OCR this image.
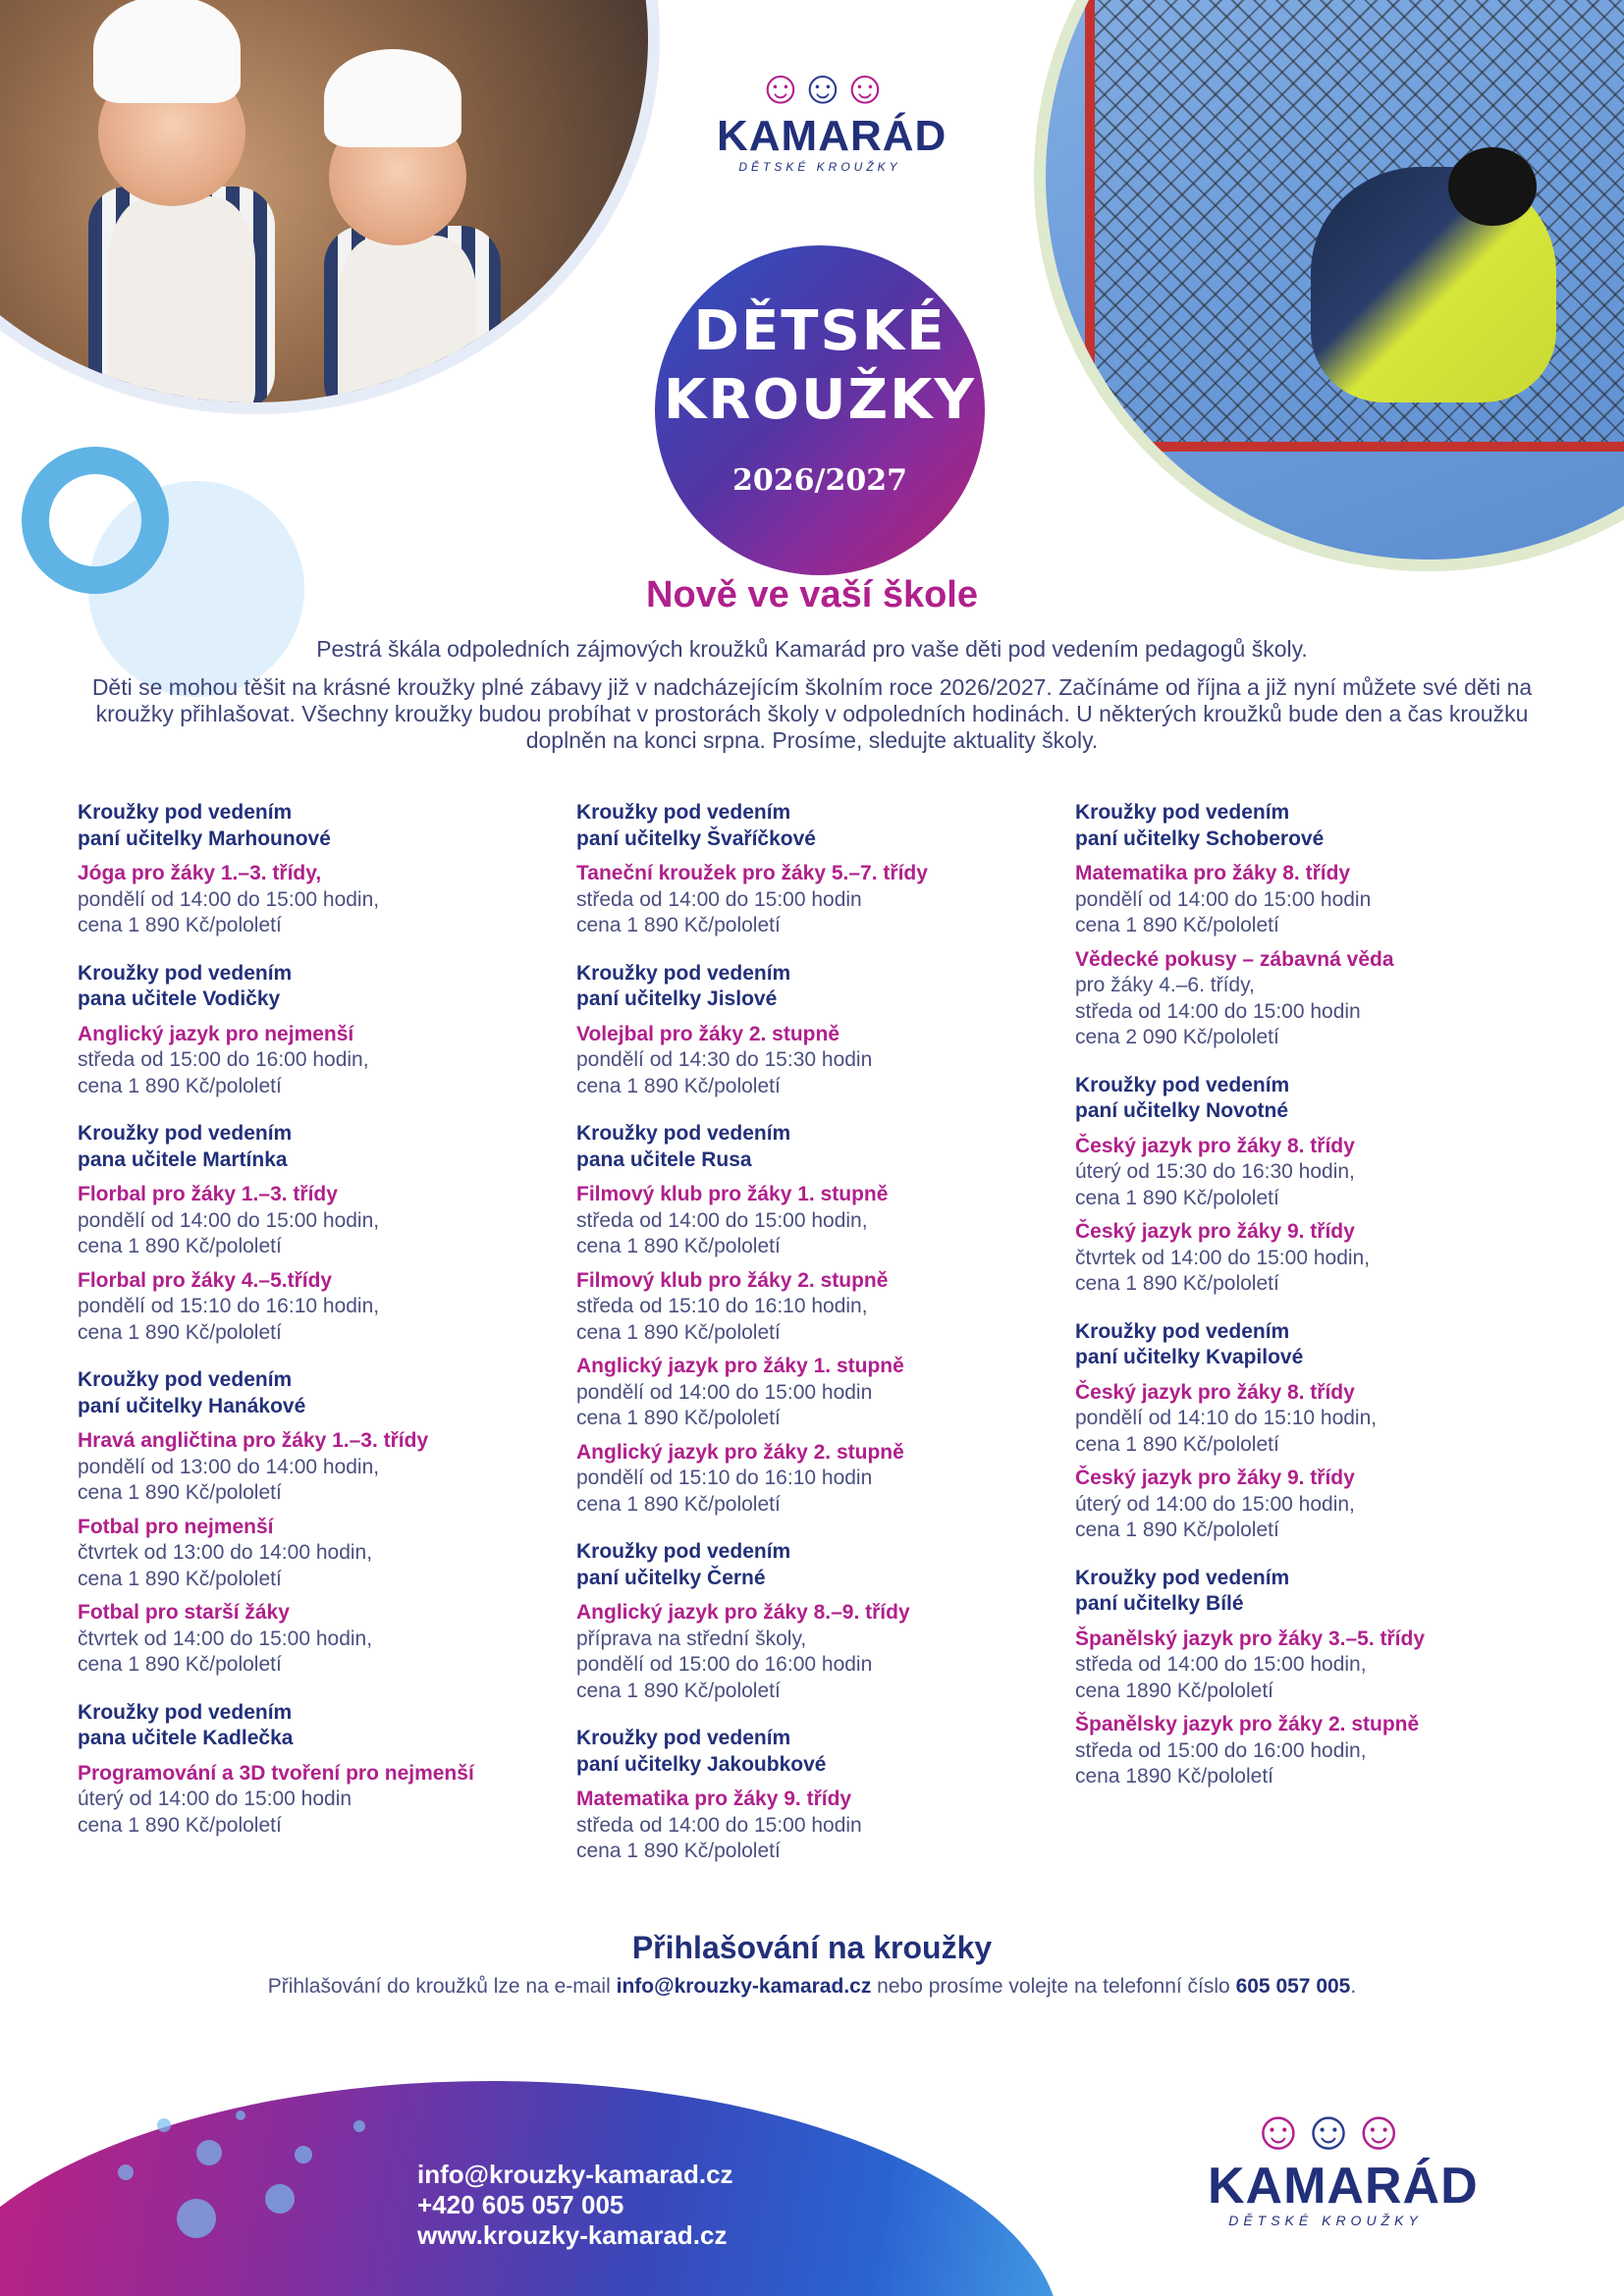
☺☺☺
KAMARÁD
DĚTSKÉ KROUŽKY
DĚTSKÉ
KROUŽKY
2026/2027
Nově ve vaší škole

Pestrá škála odpoledních zájmových kroužků Kamarád pro vaše děti pod vedením pedagogů školy.

Děti se mohou těšit na krásné kroužky plné zábavy již v nadcházejícím školním roce 2026/2027. Začínáme od října a již nyní můžete své děti na kroužky přihlašovat. Všechny kroužky budou probíhat v prostorách školy v odpoledních hodinách. U některých kroužků bude den a čas kroužku doplněn na konci srpna. Prosíme, sledujte aktuality školy.

Kroužky pod vedením
paní učitelky Marhounové
Jóga pro žáky 1.–3. třídy,
pondělí od 14:00 do 15:00 hodin,
cena 1 890 Kč/pololetí
Kroužky pod vedením
pana učitele Vodičky
Anglický jazyk pro nejmenší
středa od 15:00 do 16:00 hodin,
cena 1 890 Kč/pololetí
Kroužky pod vedením
pana učitele Martínka
Florbal pro žáky 1.–3. třídy
pondělí od 14:00 do 15:00 hodin,
cena 1 890 Kč/pololetí
Florbal pro žáky 4.–5.třídy
pondělí od 15:10 do 16:10 hodin,
cena 1 890 Kč/pololetí
Kroužky pod vedením
paní učitelky Hanákové
Hravá angličtina pro žáky 1.–3. třídy
pondělí od 13:00 do 14:00 hodin,
cena 1 890 Kč/pololetí
Fotbal pro nejmenší
čtvrtek od 13:00 do 14:00 hodin,
cena 1 890 Kč/pololetí
Fotbal pro starší žáky
čtvrtek od 14:00 do 15:00 hodin,
cena 1 890 Kč/pololetí
Kroužky pod vedením
pana učitele Kadlečka
Programování a 3D tvoření pro nejmenší
úterý od 14:00 do 15:00 hodin
cena 1 890 Kč/pololetí
Kroužky pod vedením
paní učitelky Švaříčkové
Taneční kroužek pro žáky 5.–7. třídy
středa od 14:00 do 15:00 hodin
cena 1 890 Kč/pololetí
Kroužky pod vedením
paní učitelky Jislové
Volejbal pro žáky 2. stupně
pondělí od 14:30 do 15:30 hodin
cena 1 890 Kč/pololetí
Kroužky pod vedením
pana učitele Rusa
Filmový klub pro žáky 1. stupně
středa od 14:00 do 15:00 hodin,
cena 1 890 Kč/pololetí
Filmový klub pro žáky 2. stupně
středa od 15:10 do 16:10 hodin,
cena 1 890 Kč/pololetí
Anglický jazyk pro žáky 1. stupně
pondělí od 14:00 do 15:00 hodin
cena 1 890 Kč/pololetí
Anglický jazyk pro žáky 2. stupně
pondělí od 15:10 do 16:10 hodin
cena 1 890 Kč/pololetí
Kroužky pod vedením
paní učitelky Černé
Anglický jazyk pro žáky 8.–9. třídy
příprava na střední školy,
pondělí od 15:00 do 16:00 hodin
cena 1 890 Kč/pololetí
Kroužky pod vedením
paní učitelky Jakoubkové
Matematika pro žáky 9. třídy
středa od 14:00 do 15:00 hodin
cena 1 890 Kč/pololetí
Kroužky pod vedením
paní učitelky Schoberové
Matematika pro žáky 8. třídy
pondělí od 14:00 do 15:00 hodin
cena 1 890 Kč/pololetí
Vědecké pokusy – zábavná věda
pro žáky 4.–6. třídy,
středa od 14:00 do 15:00 hodin
cena 2 090 Kč/pololetí
Kroužky pod vedením
paní učitelky Novotné
Český jazyk pro žáky 8. třídy
úterý od 15:30 do 16:30 hodin,
cena 1 890 Kč/pololetí
Český jazyk pro žáky 9. třídy
čtvrtek od 14:00 do 15:00 hodin,
cena 1 890 Kč/pololetí
Kroužky pod vedením
paní učitelky Kvapilové
Český jazyk pro žáky 8. třídy
pondělí od 14:10 do 15:10 hodin,
cena 1 890 Kč/pololetí
Český jazyk pro žáky 9. třídy
úterý od 14:00 do 15:00 hodin,
cena 1 890 Kč/pololetí
Kroužky pod vedením
paní učitelky Bílé
Španělský jazyk pro žáky 3.–5. třídy
středa od 14:00 do 15:00 hodin,
cena 1890 Kč/pololetí
Španělsky jazyk pro žáky 2. stupně
středa od 15:00 do 16:00 hodin,
cena 1890 Kč/pololetí
Přihlašování na kroužky
Přihlašování do kroužků lze na e-mail info@krouzky-kamarad.cz nebo prosíme volejte na telefonní číslo 605 057 005.
info@krouzky-kamarad.cz
+420 605 057 005
www.krouzky-kamarad.cz
☺☺☺
KAMARÁD
DĚTSKÉ KROUŽKY
